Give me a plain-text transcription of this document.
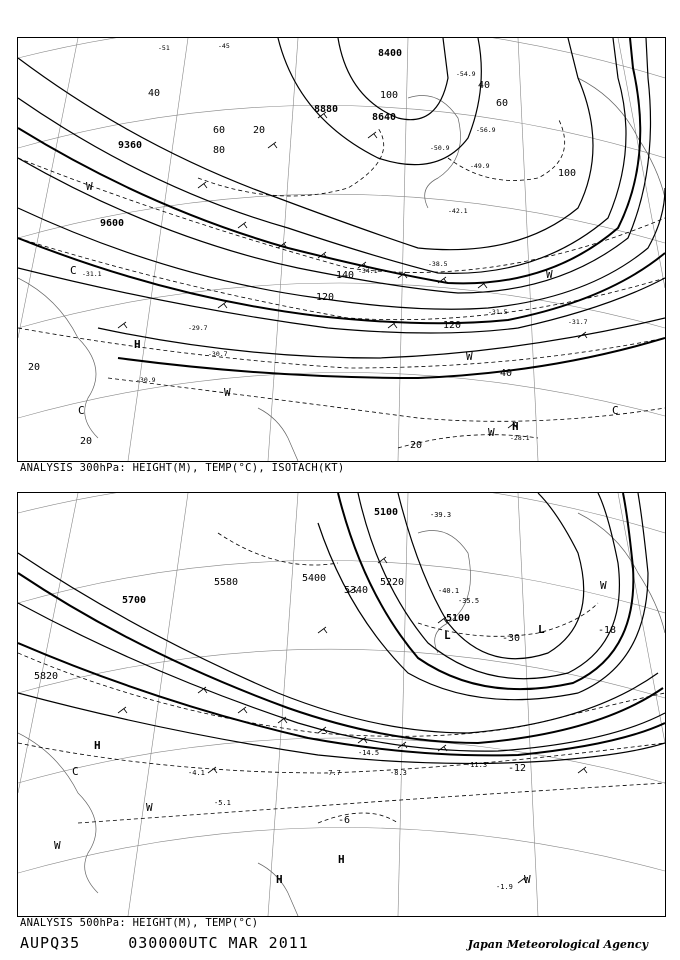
8400
8880
8640
9360
9600
40
60
80
100
120
140
20
40
60
100
120
40
20
20	20
-45
-51
-50.9
-49.9
-34.1
-38.5
-42.1
-31.1
-31.5
-31.7
-29.7
-30.7
-30.9
-28.1
-56.9
-54.9
H
H
C
C	C
W
W
W
W
W
ANALYSIS 300hPa: HEIGHT(M), TEMP(°C), ISOTACH(KT)
5100
5400
5340
5580
5700
5820
5220
5100
-30
-18
-12
-6
-11.3
-14.5
-8.3
-7.7
-4.1
-5.1
-1.9
-35.5
-40.1
-39.3
L	L
H
H
H
C
W
W
W
W
ANALYSIS 500hPa: HEIGHT(M), TEMP(°C)
AUPQ35	030000UTC MAR 2011	Japan Meteorological Agency
